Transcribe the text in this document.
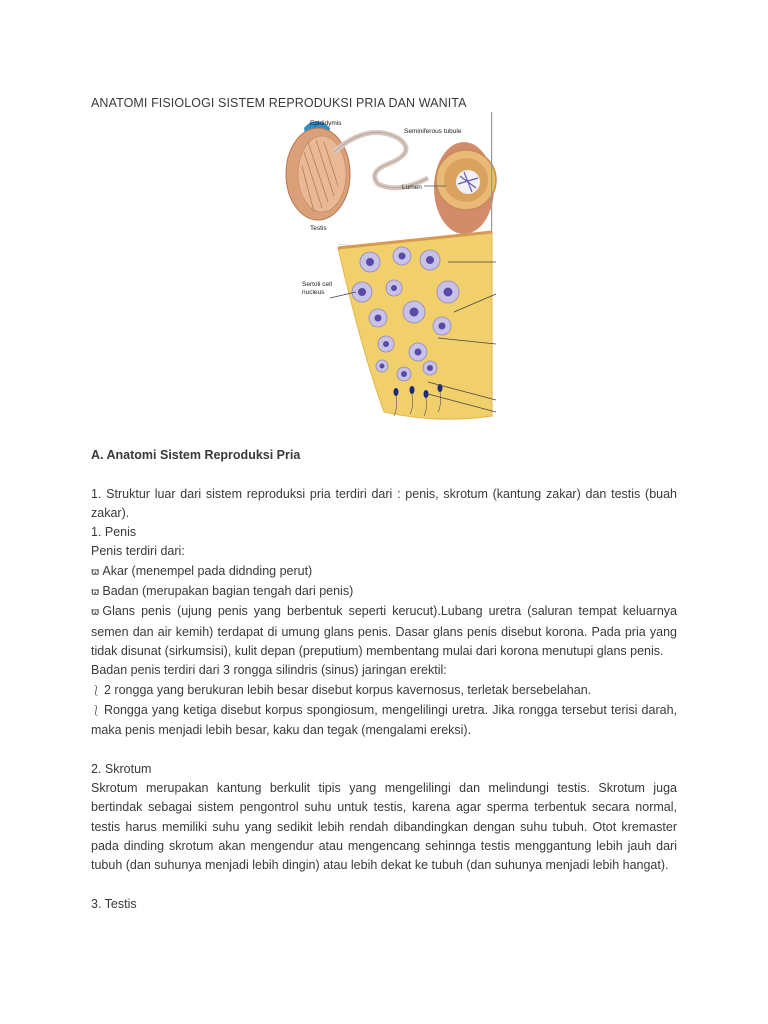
ANATOMI FISIOLOGI SISTEM REPRODUKSI PRIA DAN WANITA
Epididymis
Seminiferous tubule
Lumen
Testis
Sertoli cell
nucleus

A. Anatomi Sistem Reproduksi Pria

1. Struktur luar dari sistem reproduksi pria terdiri dari : penis, skrotum (kantung zakar) dan testis (buah zakar).

1. Penis

Penis terdiri dari:

ϖ Akar (menempel pada didnding perut)

ϖ Badan (merupakan bagian tengah dari penis)

ϖ Glans penis (ujung penis yang berbentuk seperti kerucut).Lubang uretra (saluran tempat keluarnya semen dan air kemih) terdapat di umung glans penis. Dasar glans penis disebut korona. Pada pria yang tidak disunat (sirkumsisi), kulit depan (preputium) membentang mulai dari korona menutupi glans penis.

Badan penis terdiri dari 3 rongga silindris (sinus) jaringan erektil:

⎱ 2 rongga yang berukuran lebih besar disebut korpus kavernosus, terletak bersebelahan.

⎱ Rongga yang ketiga disebut korpus spongiosum, mengelilingi uretra. Jika rongga tersebut terisi darah, maka penis menjadi lebih besar, kaku dan tegak (mengalami ereksi).

2. Skrotum

Skrotum merupakan kantung berkulit tipis yang mengelilingi dan melindungi testis. Skrotum juga bertindak sebagai sistem pengontrol suhu untuk testis, karena agar sperma terbentuk secara normal, testis harus memiliki suhu yang sedikit lebih rendah dibandingkan dengan suhu tubuh. Otot kremaster pada dinding skrotum akan mengendur atau mengencang sehinnga testis menggantung lebih jauh dari tubuh (dan suhunya menjadi lebih dingin) atau lebih dekat ke tubuh (dan suhunya menjadi lebih hangat).

3. Testis
